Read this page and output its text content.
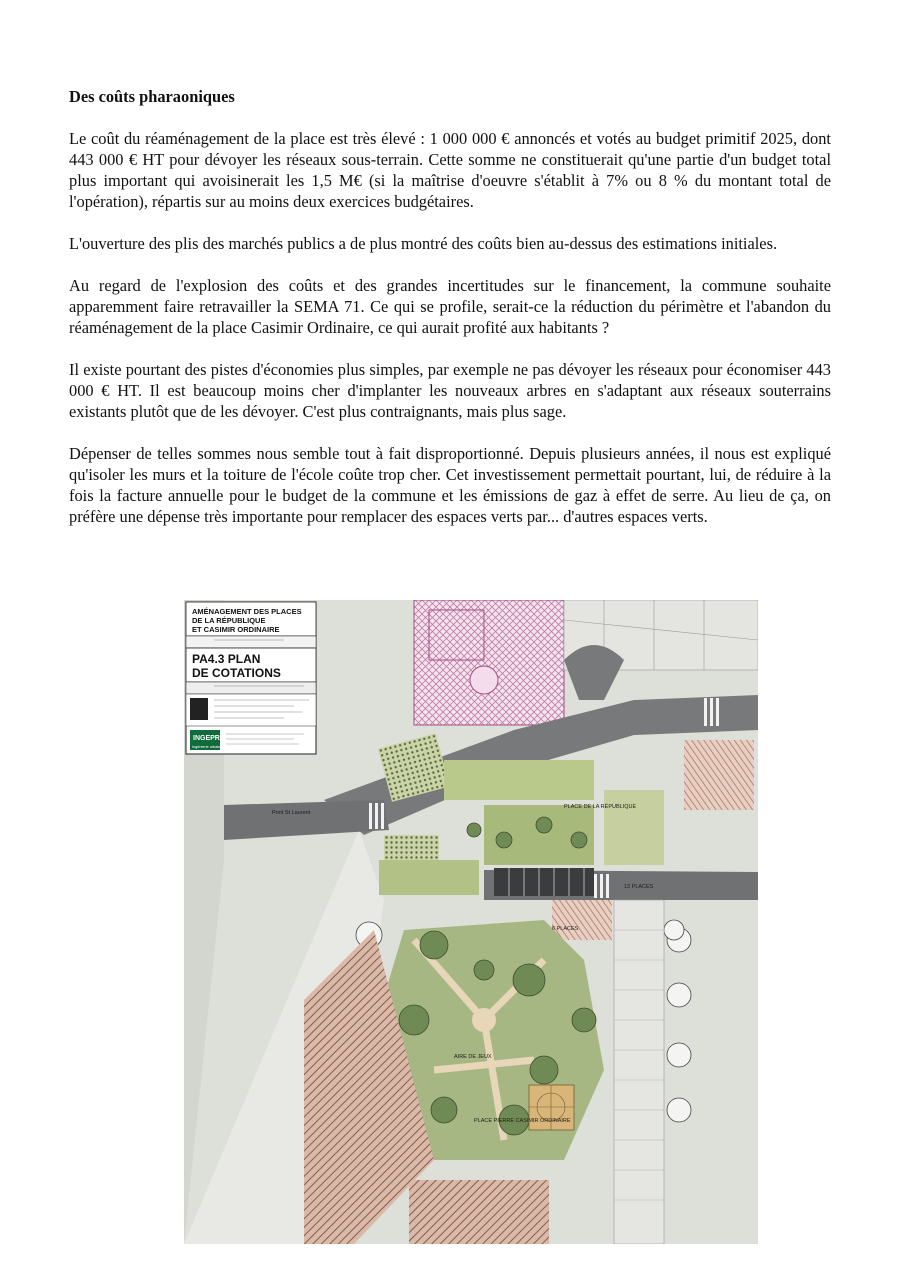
Des coûts pharaoniques

Le coût du réaménagement de la place est très élevé : 1 000 000 € annoncés et votés au budget primitif 2025, dont 443 000 € HT pour dévoyer les réseaux sous-terrain. Cette somme ne constituerait qu'une partie d'un budget total plus important qui avoisinerait les 1,5 M€ (si la maîtrise d'oeuvre s'établit à 7% ou 8 % du montant total de l'opération), répartis sur au moins deux exercices budgétaires.

L'ouverture des plis des marchés publics a de plus montré des coûts bien au-dessus des estimations initiales.

Au regard de l'explosion des coûts et des grandes incertitudes sur le financement, la commune souhaite apparemment faire retravailler la SEMA 71. Ce qui se profile, serait-ce la réduction du périmètre et l'abandon du réaménagement de la place Casimir Ordinaire, ce qui aurait profité aux habitants ?

Il existe pourtant des pistes d'économies plus simples, par exemple ne pas dévoyer les réseaux pour économiser 443 000 € HT. Il est beaucoup moins cher d'implanter les nouveaux arbres en s'adaptant aux réseaux souterrains existants plutôt que de les dévoyer. C'est plus contraignants, mais plus sage.

Dépenser de telles sommes nous semble tout à fait disproportionné. Depuis plusieurs années, il nous est expliqué qu'isoler les murs et la toiture de l'école coûte trop cher. Cet investissement permettait pourtant, lui, de réduire à la fois la facture annuelle pour le budget de la commune et les émissions de gaz à effet de serre. Au lieu de ça, on préfère une dépense très importante pour remplacer des espaces verts par... d'autres espaces verts.

Pont St Laurent
PLACE DE LA RÉPUBLIQUE
13 PLACES
6 PLACES
AIRE DE JEUX
PLACE PIERRE CASIMIR ORDINAIRE
AMÉNAGEMENT DES PLACES
DE LA RÉPUBLIQUE
ET CASIMIR ORDINAIRE
PA4.3 PLAN
DE COTATIONS
INGEPRO
Ingénierie urbaine
